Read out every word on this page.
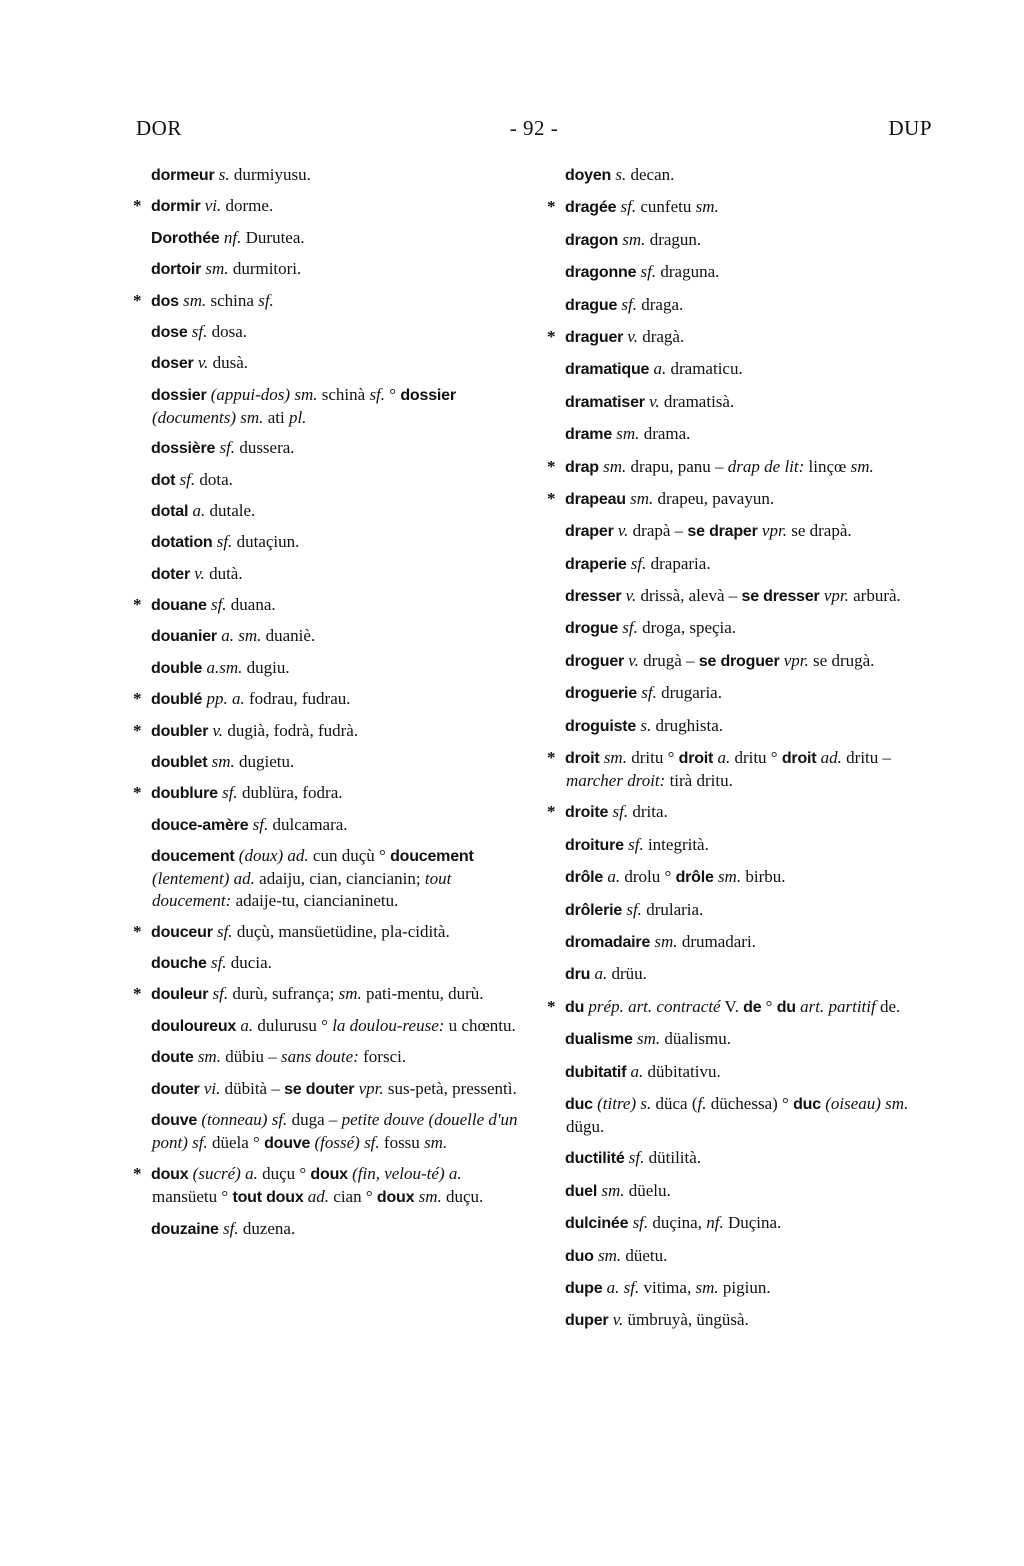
DOR	- 92 -	DUP
dormeur s. durmiyusu.
* dormir vi. dorme.
Dorothée nf. Durutea.
dortoir sm. durmitori.
* dos sm. schina sf.
dose sf. dosa.
doser v. dusà.
dossier (appui-dos) sm. schinà sf. ° dossier (documents) sm. ati pl.
dossière sf. dussera.
dot sf. dota.
dotal a. dutale.
dotation sf. dutaçiun.
doter v. dutà.
* douane sf. duana.
douanier a. sm. duaniè.
double a.sm. dugiu.
* doublé pp. a. fodrau, fudrau.
* doubler v. dugià, fodrà, fudrà.
doublet sm. dugietu.
* doublure sf. dublüra, fodra.
douce-amère sf. dulcamara.
doucement (doux) ad. cun duçù ° doucement (lentement) ad. adaiju, cian, ciancianin; tout doucement: adaije-tu, ciancianinetu.
* douceur sf. duçù, mansüetüdine, pla-cidità.
douche sf. ducia.
* douleur sf. durù, sufrança; sm. pati-mentu, durù.
douloureux a. dulurusu ° la doulou-reuse: u chœntu.
doute sm. dübiu – sans doute: forsci.
douter vi. dübità – se douter vpr. sus-petà, pressentì.
douve (tonneau) sf. duga – petite douve (douelle d'un pont) sf. düela ° douve (fossé) sf. fossu sm.
* doux (sucré) a. duçu ° doux (fin, velou-té) a. mansüetu ° tout doux ad. cian ° doux sm. duçu.
douzaine sf. duzena.
doyen s. decan.
* dragée sf. cunfetu sm.
dragon sm. dragun.
dragonne sf. draguna.
drague sf. draga.
* draguer v. dragà.
dramatique a. dramaticu.
dramatiser v. dramatisà.
drame sm. drama.
* drap sm. drapu, panu – drap de lit: linçœ sm.
* drapeau sm. drapeu, pavayun.
draper v. drapà – se draper vpr. se drapà.
draperie sf. draparia.
dresser v. drissà, alevà – se dresser vpr. arburà.
drogue sf. droga, speçia.
droguer v. drugà – se droguer vpr. se drugà.
droguerie sf. drugaria.
droguiste s. drughista.
* droit sm. dritu ° droit a. dritu ° droit ad. dritu – marcher droit: tirà dritu.
* droite sf. drita.
droiture sf. integrità.
drôle a. drolu ° drôle sm. birbu.
drôlerie sf. drularia.
dromadaire sm. drumadari.
dru a. drüu.
* du prép. art. contracté V. de ° du art. partitif de.
dualisme sm. düalismu.
dubitatif a. dübitativu.
duc (titre) s. düca (f. düchessa) ° duc (oiseau) sm. dügu.
ductilité sf. dütilità.
duel sm. düelu.
dulcinée sf. duçina, nf. Duçina.
duo sm. düetu.
dupe a. sf. vitima, sm. pigiun.
duper v. ümbruyà, üngüsà.
